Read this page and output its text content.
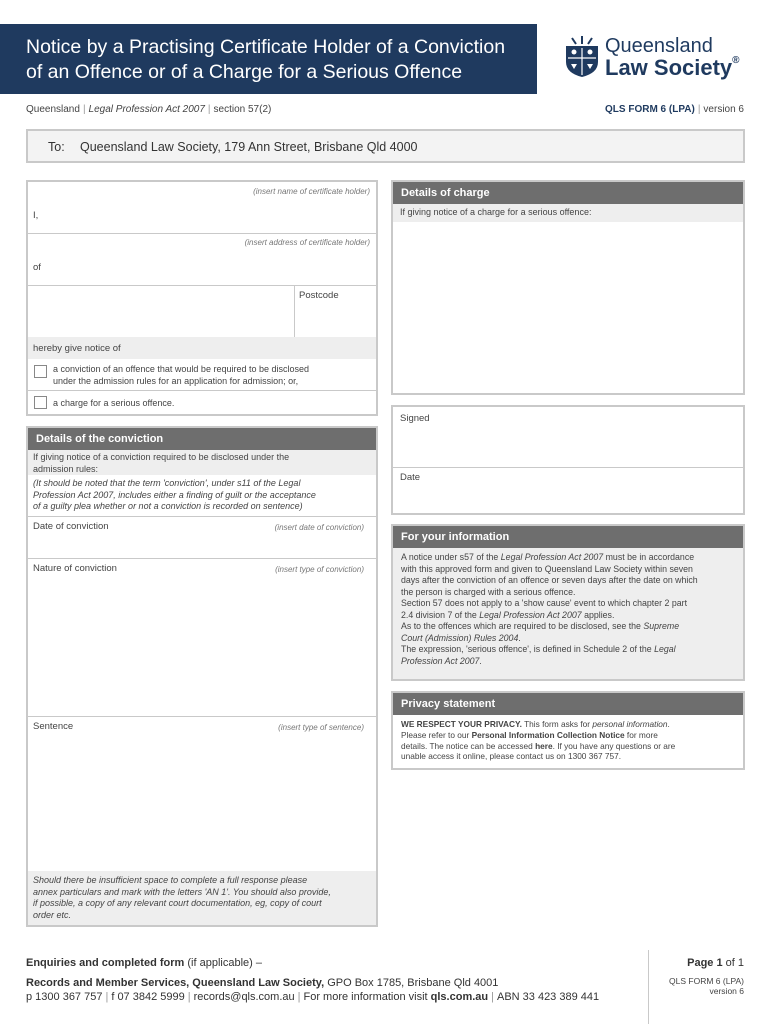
Notice by a Practising Certificate Holder of a Conviction
of an Offence or of a Charge for a Serious Offence
Queensland
Law Society®
Queensland | Legal Profession Act 2007 | section 57(2)	QLS FORM 6 (LPA) | version 6
To: Queensland Law Society, 179 Ann Street, Brisbane Qld 4000
(insert name of certificate holder)
I,
(insert address of certificate holder)
of
Postcode
hereby give notice of
a conviction of an offence that would be required to be disclosed
under the admission rules for an application for admission; or,
a charge for a serious offence.
Details of the conviction
If giving notice of a conviction required to be disclosed under the
admission rules:
(It should be noted that the term 'conviction', under s11 of the Legal
Profession Act 2007, includes either a finding of guilt or the acceptance
of a guilty plea whether or not a conviction is recorded on sentence)
Date of conviction	(insert date of conviction)
Nature of conviction	(insert type of conviction)
Sentence	(insert type of sentence)
Should there be insufficient space to complete a full response please
annex particulars and mark with the letters 'AN 1'. You should also provide,
if possible, a copy of any relevant court documentation, eg, copy of court
order etc.
Details of charge
If giving notice of a charge for a serious offence:
Signed
Date
For your information
A notice under s57 of the Legal Profession Act 2007 must be in accordance
with this approved form and given to Queensland Law Society within seven
days after the conviction of an offence or seven days after the date on which
the person is charged with a serious offence.
Section 57 does not apply to a 'show cause' event to which chapter 2 part
2.4 division 7 of the Legal Profession Act 2007 applies.
As to the offences which are required to be disclosed, see the Supreme
Court (Admission) Rules 2004.
The expression, 'serious offence', is defined in Schedule 2 of the Legal
Profession Act 2007.
Privacy statement
WE RESPECT YOUR PRIVACY. This form asks for personal information.
Please refer to our Personal Information Collection Notice for more
details. The notice can be accessed here. If you have any questions or are
unable access it online, please contact us on 1300 367 757.
Enquiries and completed form (if applicable) –
Records and Member Services, Queensland Law Society, GPO Box 1785, Brisbane Qld 4001
p 1300 367 757 | f 07 3842 5999 | records@qls.com.au | For more information visit qls.com.au | ABN 33 423 389 441
Page 1 of 1
QLS FORM 6 (LPA)
version 6
